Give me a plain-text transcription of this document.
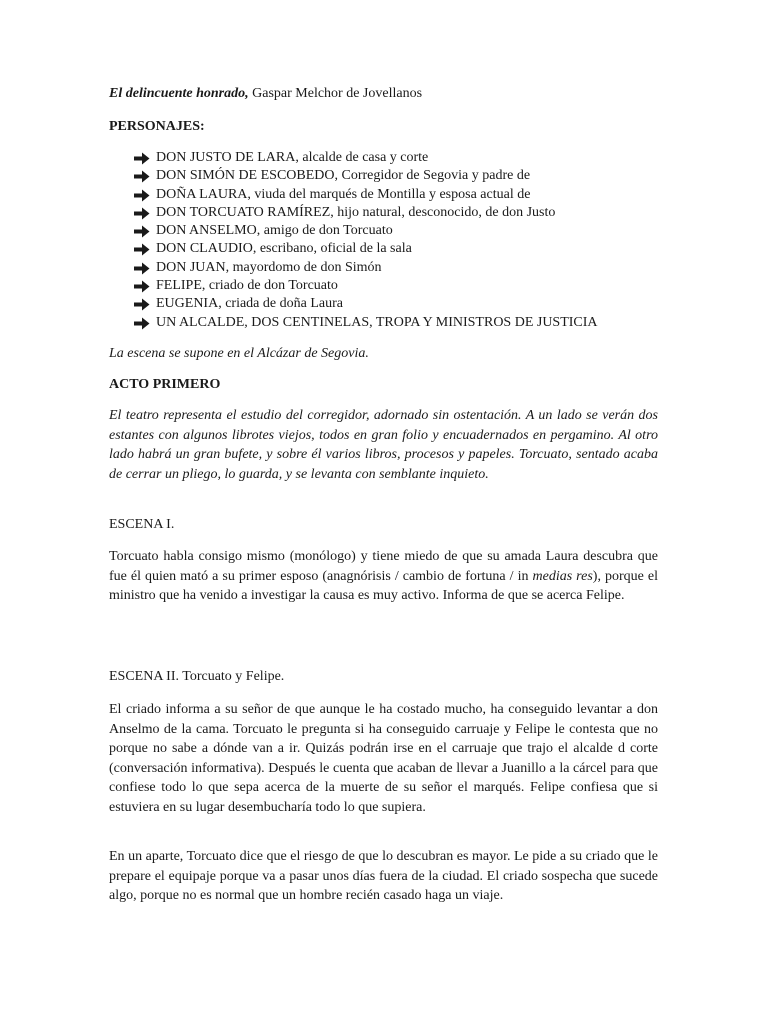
El delincuente honrado, Gaspar Melchor de Jovellanos

PERSONAJES:

DON JUSTO DE LARA, alcalde de casa y corte
DON SIMÓN DE ESCOBEDO, Corregidor de Segovia y padre de
DOÑA LAURA, viuda del marqués de Montilla y esposa actual de
DON TORCUATO RAMÍREZ, hijo natural, desconocido, de don Justo
DON ANSELMO, amigo de don Torcuato
DON CLAUDIO, escribano, oficial de la sala
DON JUAN, mayordomo de don Simón
FELIPE, criado de don Torcuato
EUGENIA, criada de doña Laura
UN ALCALDE, DOS CENTINELAS, TROPA Y MINISTROS DE JUSTICIA

La escena se supone en el Alcázar de Segovia.

ACTO PRIMERO

El teatro representa el estudio del corregidor, adornado sin ostentación. A un lado se verán dos estantes con algunos librotes viejos, todos en gran folio y encuadernados en pergamino. Al otro lado habrá un gran bufete, y sobre él varios libros, procesos y papeles. Torcuato, sentado acaba de cerrar un pliego, lo guarda, y se levanta con semblante inquieto.

ESCENA I.

Torcuato habla consigo mismo (monólogo) y tiene miedo de que su amada Laura descubra que fue él quien mató a su primer esposo (anagnórisis / cambio de fortuna / in medias res), porque el ministro que ha venido a investigar la causa es muy activo. Informa de que se acerca Felipe.

ESCENA II. Torcuato y Felipe.

El criado informa a su señor de que aunque le ha costado mucho, ha conseguido levantar a don Anselmo de la cama. Torcuato le pregunta si ha conseguido carruaje y Felipe le contesta que no porque no sabe a dónde van a ir. Quizás podrán irse en el carruaje que trajo el alcalde d corte (conversación informativa). Después le cuenta que acaban de llevar a Juanillo a la cárcel para que confiese todo lo que sepa acerca de la muerte de su señor el marqués. Felipe confiesa que si estuviera en su lugar desembucharía todo lo que supiera.

En un aparte, Torcuato dice que el riesgo de que lo descubran es mayor. Le pide a su criado que le prepare el equipaje porque va a pasar unos días fuera de la ciudad. El criado sospecha que sucede algo, porque no es normal que un hombre recién casado haga un viaje.
